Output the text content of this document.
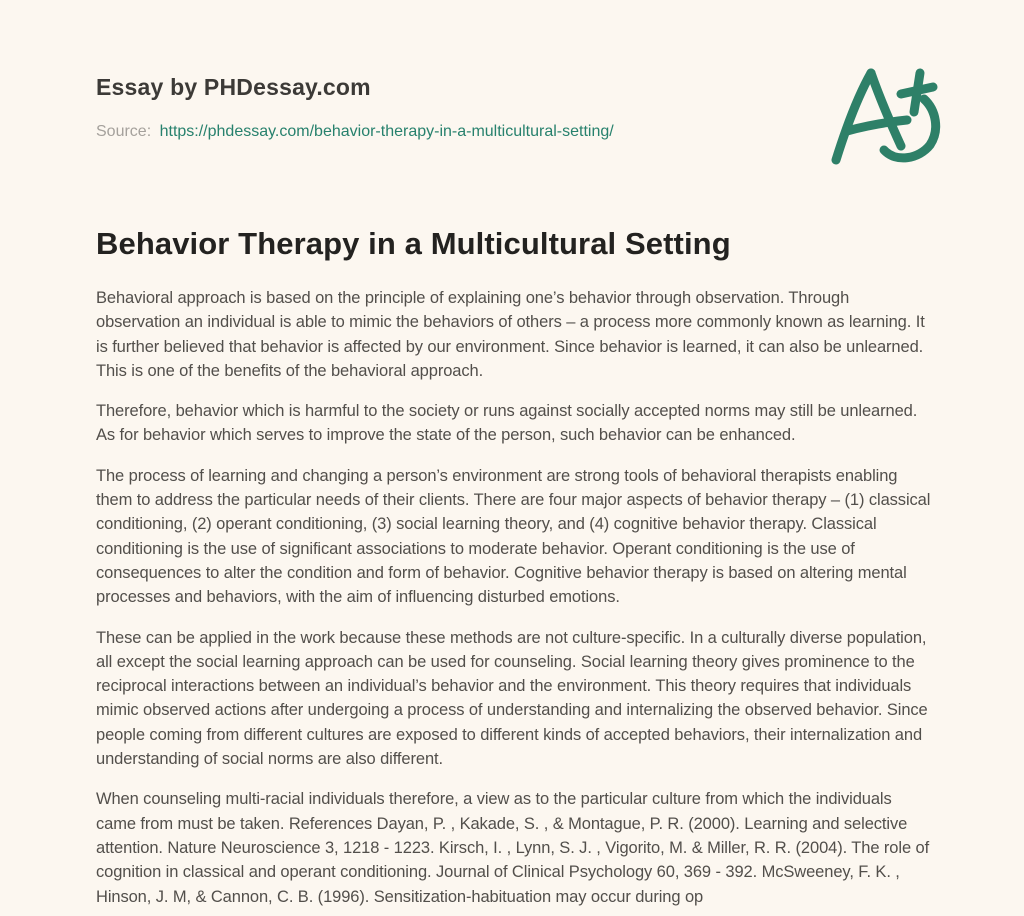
Essay by PHDessay.com
Source: https://phdessay.com/behavior-therapy-in-a-multicultural-setting/
Behavior Therapy in a Multicultural Setting

Behavioral approach is based on the principle of explaining one’s behavior through observation. Through observation an individual is able to mimic the behaviors of others – a process more commonly known as learning. It is further believed that behavior is affected by our environment. Since behavior is learned, it can also be unlearned. This is one of the benefits of the behavioral approach.

Therefore, behavior which is harmful to the society or runs against socially accepted norms may still be unlearned. As for behavior which serves to improve the state of the person, such behavior can be enhanced.

The process of learning and changing a person’s environment are strong tools of behavioral therapists enabling them to address the particular needs of their clients. There are four major aspects of behavior therapy – (1) classical conditioning, (2) operant conditioning, (3) social learning theory, and (4) cognitive behavior therapy. Classical conditioning is the use of significant associations to moderate behavior. Operant conditioning is the use of consequences to alter the condition and form of behavior. Cognitive behavior therapy is based on altering mental processes and behaviors, with the aim of influencing disturbed emotions.

These can be applied in the work because these methods are not culture-specific. In a culturally diverse population, all except the social learning approach can be used for counseling. Social learning theory gives prominence to the reciprocal interactions between an individual’s behavior and the environment. This theory requires that individuals mimic observed actions after undergoing a process of understanding and internalizing the observed behavior. Since people coming from different cultures are exposed to different kinds of accepted behaviors, their internalization and understanding of social norms are also different.

When counseling multi-racial individuals therefore, a view as to the particular culture from which the individuals came from must be taken. References Dayan, P. , Kakade, S. , & Montague, P. R. (2000). Learning and selective attention. Nature Neuroscience 3, 1218 - 1223. Kirsch, I. , Lynn, S. J. , Vigorito, M. & Miller, R. R. (2004). The role of cognition in classical and operant conditioning. Journal of Clinical Psychology 60, 369 - 392. McSweeney, F. K. , Hinson, J. M, & Cannon, C. B. (1996). Sensitization-habituation may occur during op
